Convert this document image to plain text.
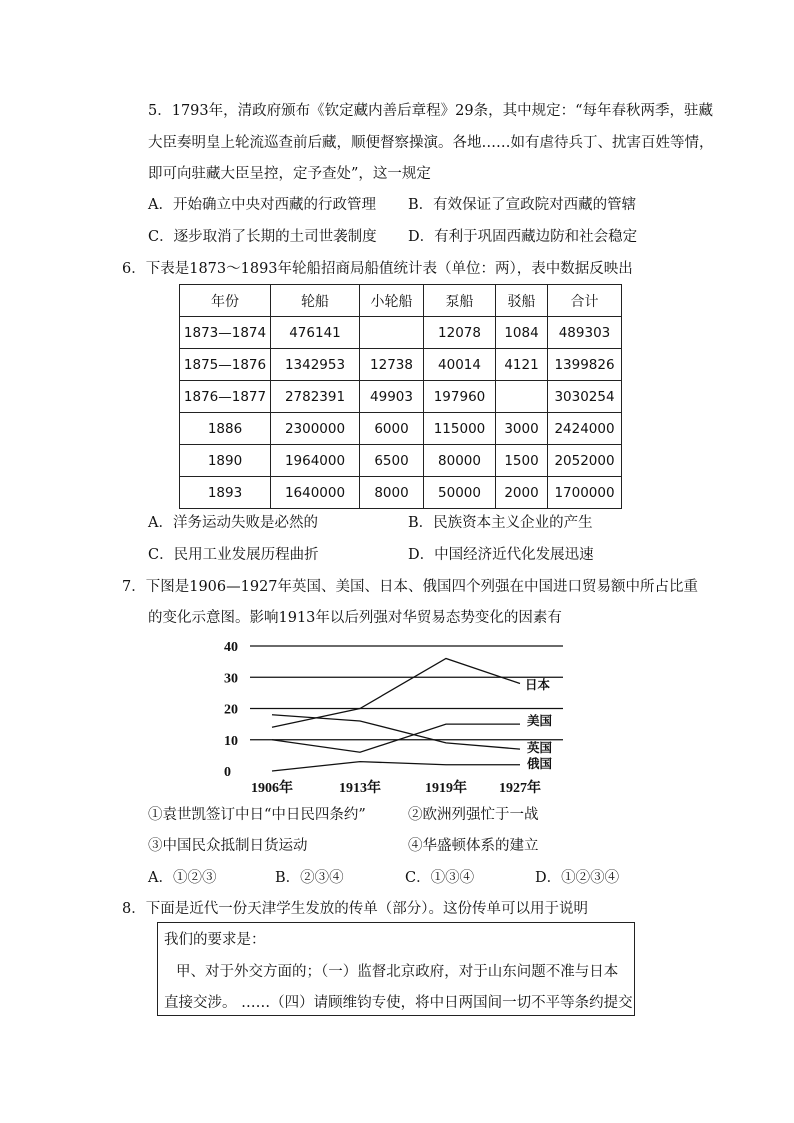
5．1793年，清政府颁布《钦定藏内善后章程》29条，其中规定：“每年春秋两季，驻藏
大臣奏明皇上轮流巡查前后藏，顺便督察操演。各地……如有虐待兵丁、扰害百姓等情，
即可向驻藏大臣呈控，定予查处”，这一规定
A．开始确立中央对西藏的行政管理 B．有效保证了宣政院对西藏的管辖
C．逐步取消了长期的土司世袭制度 D．有利于巩固西藏边防和社会稳定
6．下表是1873～1893年轮船招商局船值统计表（单位：两），表中数据反映出
年份	轮船	小轮船	泵船	驳船	合计
1873—1874	476141		12078	1084	489303
1875—1876	1342953	12738	40014	4121	1399826
1876—1877	2782391	49903	197960		3030254
1886	2300000	6000	115000	3000	2424000
1890	1964000	6500	80000	1500	2052000
1893	1640000	8000	50000	2000	1700000
A．洋务运动失败是必然的	B．民族资本主义企业的产生
C．民用工业发展历程曲折	D．中国经济近代化发展迅速
7．下图是1906—1927年英国、美国、日本、俄国四个列强在中国进口贸易额中所占比重
的变化示意图。影响1913年以后列强对华贸易态势变化的因素有
0
10
20
30
40
日本
美国
英国
俄国
1906年	1913年	1919年 1927年
①袁世凯签订中日“中日民四条约”	②欧洲列强忙于一战
③中国民众抵制日货运动	④华盛顿体系的建立
A．①②③	B．②③④	C．①③④	D．①②③④
8．下面是近代一份天津学生发放的传单（部分）。这份传单可以用于说明
我们的要求是：
甲、对于外交方面的；（一）监督北京政府，对于山东问题不准与日本
直接交涉。 ……（四）请顾维钧专使，将中日两国间一切不平等条约提交
